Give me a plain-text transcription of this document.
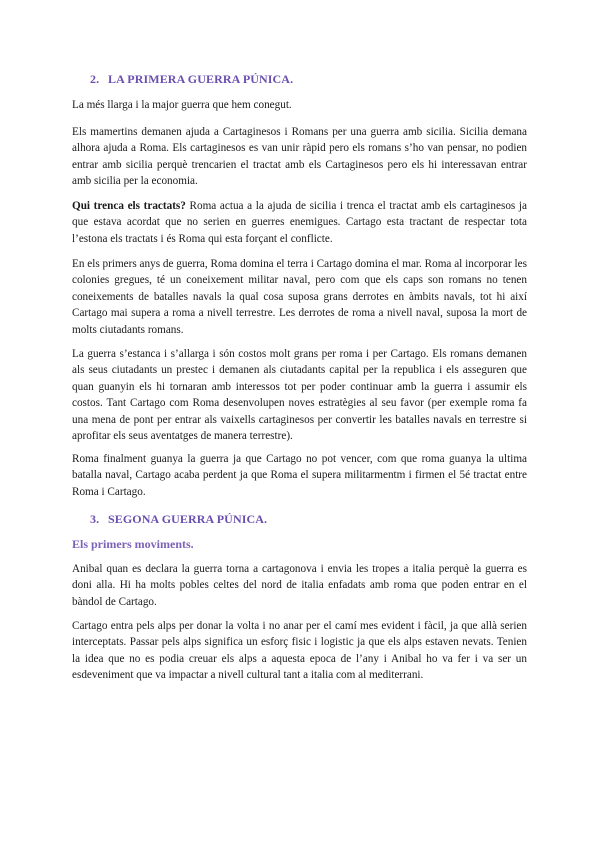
2. LA PRIMERA GUERRA PÚNICA.

La més llarga i la major guerra que hem conegut.

Els mamertins demanen ajuda a Cartaginesos i Romans per una guerra amb sicilia. Sicilia demana alhora ajuda a Roma. Els cartaginesos es van unir ràpid pero els romans s’ho van pensar, no podien entrar amb sicilia perquè trencarien el tractat amb els Cartaginesos pero els hi interessavan entrar amb sicilia per la economia.

Qui trenca els tractats? Roma actua a la ajuda de sicilia i trenca el tractat amb els cartaginesos ja que estava acordat que no serien en guerres enemigues. Cartago esta tractant de respectar tota l’estona els tractats i és Roma qui esta forçant el conflicte.

En els primers anys de guerra, Roma domina el terra i Cartago domina el mar. Roma al incorporar les colonies gregues, té un coneixement militar naval, pero com que els caps son romans no tenen coneixements de batalles navals la qual cosa suposa grans derrotes en àmbits navals, tot hi així Cartago mai supera a roma a nivell terrestre. Les derrotes de roma a nivell naval, suposa la mort de molts ciutadants romans.

La guerra s’estanca i s’allarga i són costos molt grans per roma i per Cartago. Els romans demanen als seus ciutadants un prestec i demanen als ciutadants capital per la republica i els asseguren que quan guanyin els hi tornaran amb interessos tot per poder continuar amb la guerra i assumir els costos. Tant Cartago com Roma desenvolupen noves estratègies al seu favor (per exemple roma fa una mena de pont per entrar als vaixells cartaginesos per convertir les batalles navals en terrestre si aprofitar els seus aventatges de manera terrestre).

Roma finalment guanya la guerra ja que Cartago no pot vencer, com que roma guanya la ultima batalla naval, Cartago acaba perdent ja que Roma el supera militarmentm i firmen el 5é tractat entre Roma i Cartago.

3. SEGONA GUERRA PÚNICA.
Els primers moviments.

Anibal quan es declara la guerra torna a cartagonova i envia les tropes a italia perquè la guerra es doni alla. Hi ha molts pobles celtes del nord de italia enfadats amb roma que poden entrar en el bàndol de Cartago.

Cartago entra pels alps per donar la volta i no anar per el camí mes evident i fàcil, ja que allà serien interceptats. Passar pels alps significa un esforç fisic i logistic ja que els alps estaven nevats. Tenien la idea que no es podia creuar els alps a aquesta epoca de l’any i Anibal ho va fer i va ser un esdeveniment que va impactar a nivell cultural tant a italia com al mediterrani.
